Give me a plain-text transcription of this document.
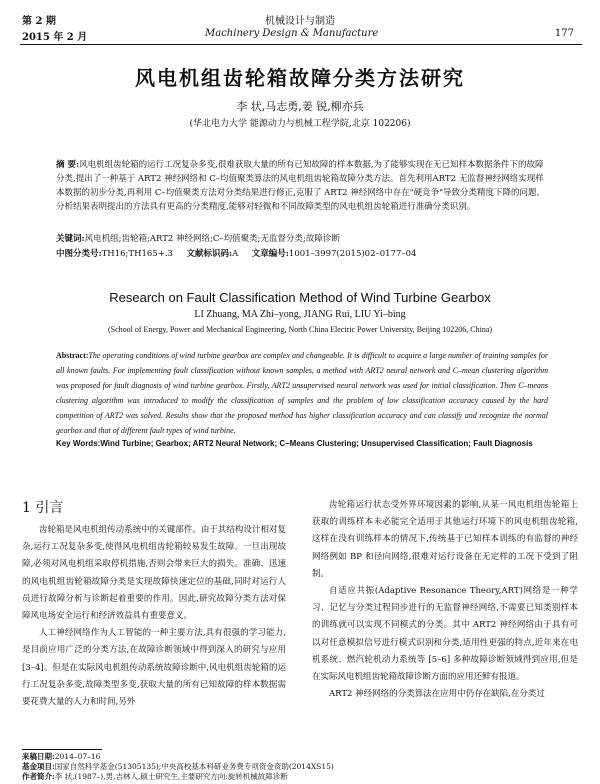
第 2 期
2015 年 2 月
机械设计与制造
Machinery Design & Manufacture	177
风电机组齿轮箱故障分类方法研究
李 状,马志勇,姜 锐,柳亦兵
(华北电力大学 能源动力与机械工程学院,北京 102206)
摘 要:风电机组齿轮箱的运行工况复杂多变,很难获取大量的所有已知故障的样本数据,为了能够实现在无已知样本数据条件下的故障分类,提出了一种基于 ART2 神经网络和 C–均值聚类算法的风电机组齿轮箱故障分类方法。首先利用ART2 无监督神经网络实现样本数据的初步分类,再利用 C–均值聚类方法对分类结果进行修正,克服了 ART2 神经网络中存在"硬竞争"导致分类精度下降的问题。分析结果表明提出的方法具有更高的分类精度,能够对轻微和不同故障类型的风电机组齿轮箱进行准确分类识别。
关键词:风电机组;齿轮箱;ART2 神经网络;C–均值聚类;无监督分类;故障诊断
中图分类号:TH16;TH165+.3 文献标识码:A 文章编号:1001–3997(2015)02–0177–04
Research on Fault Classification Method of Wind Turbine Gearbox
LI Zhuang, MA Zhi–yong, JIANG Rui, LIU Yi–bing
(School of Energy, Power and Mechanical Engineering, North China Electric Power University, Beijing 102206, China)
Abstract:The operating conditions of wind turbine gearbox are complex and changeable. It is difficult to acquire a large number of training samples for all known faults. For implementing fault classification without known samples, a method with ART2 neural network and C–mean clustering algorithm was proposed for fault diagnosis of wind turbine gearbox. Firstly, ART2 unsupervised neural network was used for initial classification. Then C–means clustering algorithm was introduced to modify the classification of samples and the problem of low classification accuracy caused by the hard competition of ART2 was solved. Results show that the proposed method has higher classification accuracy and can classify and recognize the normal gearbox and that of different fault types of wind turbine.
Key Words:Wind Turbine; Gearbox; ART2 Neural Network; C–Means Clustering; Unsupervised Classification; Fault Diagnosis
1 引言

齿轮箱是风电机组传动系统中的关键部件。由于其结构设计相对复杂,运行工况复杂多变,使得风电机组齿轮箱较易发生故障。一旦出现故障,必须对风电机组采取停机措施,否则会带来巨大的损失。准确、迅速的风电机组齿轮箱故障分类是实现故障快速定位的基础,同时对运行人员进行故障分析与诊断起着重要的作用。因此,研究故障分类方法对保障风电场安全运行和经济效益具有重要意义。

人工神经网络作为人工智能的一种主要方法,具有很强的学习能力,是目前应用广泛的分类方法,在故障诊断领域中得到深入的研究与应用 [3–4]。但是在实际风电机组传动系统故障诊断中,风电机组齿轮箱的运行工况复杂多变,故障类型多变,获取大量的所有已知故障的样本数据需要花费大量的人力和时间,另外

齿轮箱运行状态受外界环境因素的影响,从某一风电机组齿轮箱上获取的训练样本未必能完全适用于其他运行环境下的风电机组齿轮箱,这样在没有训练样本的情况下,传统基于已知样本训练的有监督的神经网络例如 BP 和径向网络,很难对运行设备在无定样的工况下受到了阻制。

自适应共振(Adaptive Resonance Theory,ART)网络是一种学习、记忆与分类过程同步进行的无监督神经网络,不需要已知类别样本的训练就可以实现不同模式的分类。其中 ART2 神经网络由于具有可以对任意模拟信号进行模式识别和分类,适用性更强的特点,近年来在电机系统、燃汽轮机动力系统等 [5–6] 多种故障诊断领域得到应用,但是在实际风电机组齿轮箱故障诊断方面的应用还鲜有报道。

ART2 神经网络的分类算法在应用中仍存在缺陷,在分类过

来稿日期:2014–07–16
基金项目:国家自然科学基金(51305135);中央高校基本科研业务费专项资金资助(2014XS15)
作者简介:李 状,(1987–),男,吉林人,硕士研究生,主要研究方向:旋转机械故障诊断
